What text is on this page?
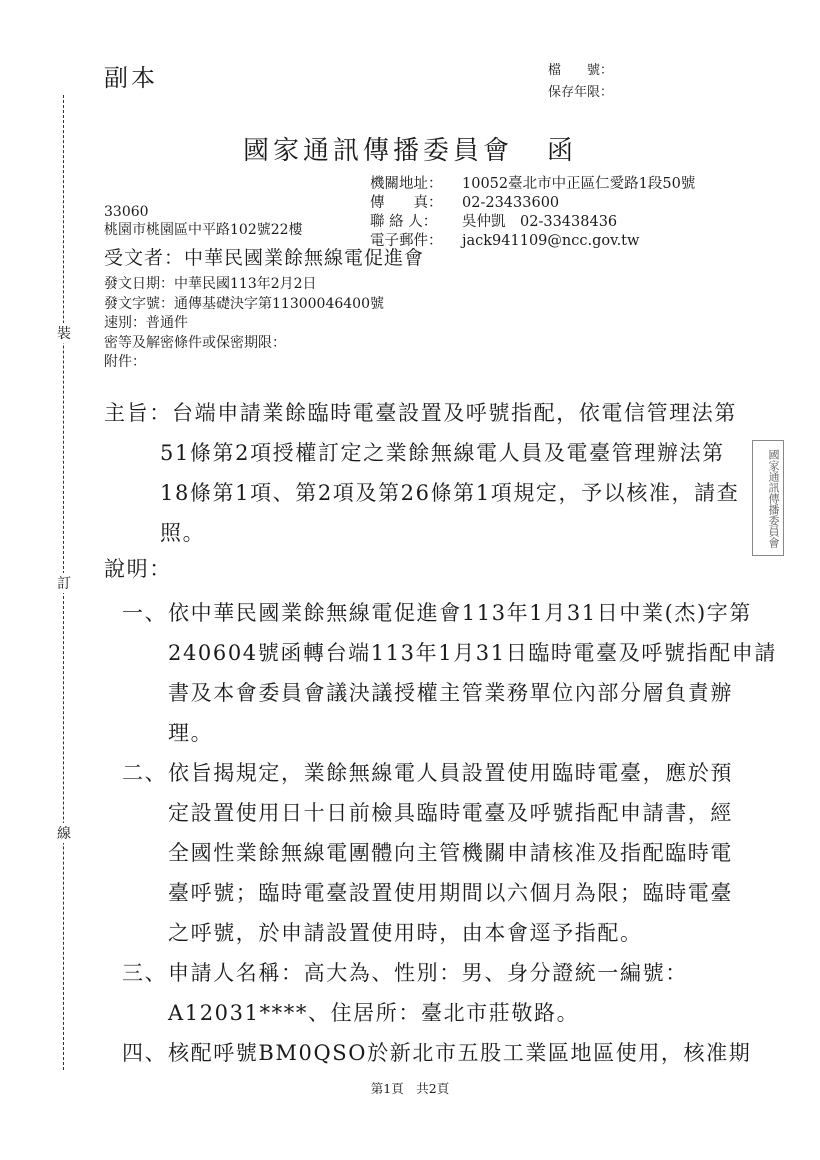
副本	檔　　號：
保存年限：
裝
訂
線
國家通訊傳播委員會 函
機關地址：	10052臺北市中正區仁愛路1段50號
傳　　真：	02-23433600
聯 絡 人：	吳仲凱　02-33438436
電子郵件：	jack941109@ncc.gov.tw
33060
桃園市桃園區中平路102號22樓
受文者：中華民國業餘無線電促進會
發文日期：中華民國113年2月2日
發文字號：通傳基礎決字第11300046400號
速別：普通件
密等及解密條件或保密期限：
附件：
主旨： 台端申請業餘臨時電臺設置及呼號指配，依電信管理法第
51條第2項授權訂定之業餘無線電人員及電臺管理辦法第
18條第1項、第2項及第26條第1項規定，予以核准，請查
照。	國家通訊傳播委員會
說明：
一、 依中華民國業餘無線電促進會113年1月31日中業(杰)字第
240604號函轉台端113年1月31日臨時電臺及呼號指配申請
書及本會委員會議決議授權主管業務單位內部分層負責辦
理。
二、 依旨揭規定，業餘無線電人員設置使用臨時電臺，應於預
定設置使用日十日前檢具臨時電臺及呼號指配申請書，經
全國性業餘無線電團體向主管機關申請核准及指配臨時電
臺呼號；臨時電臺設置使用期間以六個月為限；臨時電臺
之呼號，於申請設置使用時，由本會逕予指配。
三、 申請人名稱：高大為、性別：男、身分證統一編號：
A12031****、住居所：臺北市莊敬路。
四、 核配呼號BM0QSO於新北市五股工業區地區使用，核准期
第1頁　共2頁
